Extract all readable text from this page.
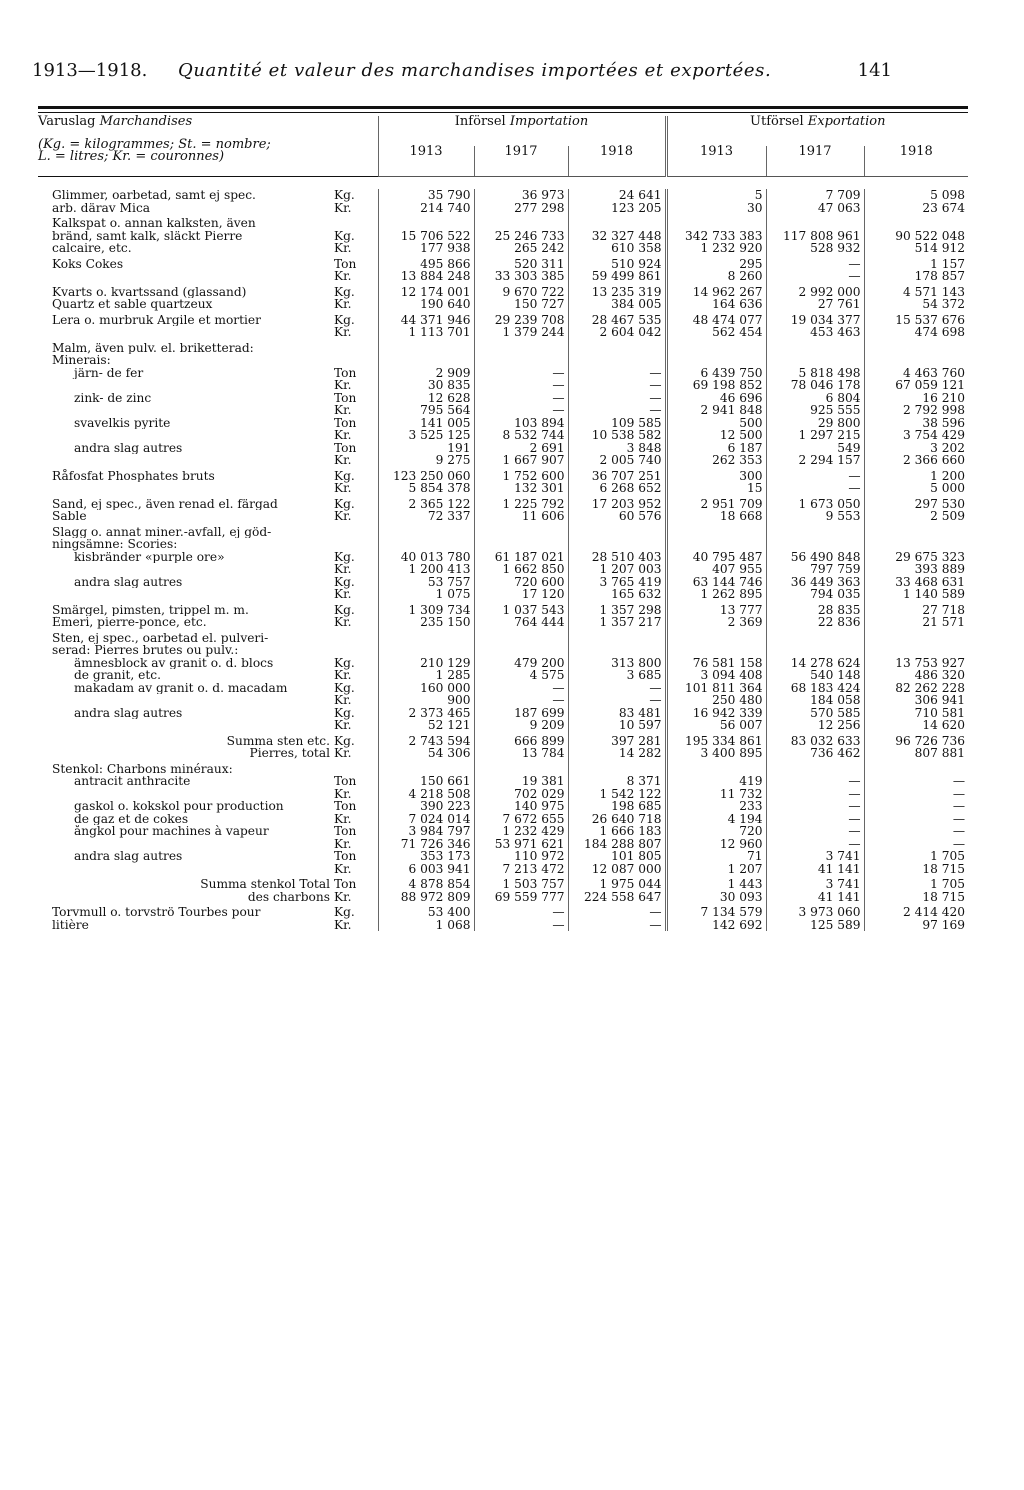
1913—1918. Quantité et valeur des marchandises importées et exportées.	141
Varuslag Marchandises
(Kg. = kilogrammes; St. = nombre;
L. = litres; Kr. = couronnes)		Införsel Importation			Utförsel Exportation		
		1913	1917	1918	1913	1917	1918

Glimmer, oarbetad, samt ej spec.	Kg.	35 790	36 973	24 641	5	7 709	5 098
arb. därav Mica	Kr.	214 740	277 298	123 205	30	47 063	23 674
Kalkspat o. annan kalksten, även							
bränd, samt kalk, släckt Pierre	Kg.	15 706 522	25 246 733	32 327 448	342 733 383	117 808 961	90 522 048
calcaire, etc.	Kr.	177 938	265 242	610 358	1 232 920	528 932	514 912
Koks Cokes	Ton	495 866	520 311	510 924	295	—	1 157
	Kr.	13 884 248	33 303 385	59 499 861	8 260	—	178 857
Kvarts o. kvartssand (glassand)	Kg.	12 174 001	9 670 722	13 235 319	14 962 267	2 992 000	4 571 143
Quartz et sable quartzeux	Kr.	190 640	150 727	384 005	164 636	27 761	54 372
Lera o. murbruk Argile et mortier	Kg.	44 371 946	29 239 708	28 467 535	48 474 077	19 034 377	15 537 676
	Kr.	1 113 701	1 379 244	2 604 042	562 454	453 463	474 698
Malm, även pulv. el. briketterad:							
Minerais:							
järn- de fer	Ton	2 909	—	—	6 439 750	5 818 498	4 463 760
	Kr.	30 835	—	—	69 198 852	78 046 178	67 059 121
zink- de zinc	Ton	12 628	—	—	46 696	6 804	16 210
	Kr.	795 564	—	—	2 941 848	925 555	2 792 998
svavelkis pyrite	Ton	141 005	103 894	109 585	500	29 800	38 596
	Kr.	3 525 125	8 532 744	10 538 582	12 500	1 297 215	3 754 429
andra slag autres	Ton	191	2 691	3 848	6 187	549	3 202
	Kr.	9 275	1 667 907	2 005 740	262 353	2 294 157	2 366 660
Råfosfat Phosphates bruts	Kg.	123 250 060	1 752 600	36 707 251	300	—	1 200
	Kr.	5 854 378	132 301	6 268 652	15	—	5 000
Sand, ej spec., även renad el. färgad	Kg.	2 365 122	1 225 792	17 203 952	2 951 709	1 673 050	297 530
Sable	Kr.	72 337	11 606	60 576	18 668	9 553	2 509
Slagg o. annat miner.-avfall, ej göd-							
ningsämne: Scories:							
kisbränder «purple ore»	Kg.	40 013 780	61 187 021	28 510 403	40 795 487	56 490 848	29 675 323
	Kr.	1 200 413	1 662 850	1 207 003	407 955	797 759	393 889
andra slag autres	Kg.	53 757	720 600	3 765 419	63 144 746	36 449 363	33 468 631
	Kr.	1 075	17 120	165 632	1 262 895	794 035	1 140 589
Smärgel, pimsten, trippel m. m.	Kg.	1 309 734	1 037 543	1 357 298	13 777	28 835	27 718
Émeri, pierre-ponce, etc.	Kr.	235 150	764 444	1 357 217	2 369	22 836	21 571
Sten, ej spec., oarbetad el. pulveri-							
serad: Pierres brutes ou pulv.:							
ämnesblock av granit o. d. blocs	Kg.	210 129	479 200	313 800	76 581 158	14 278 624	13 753 927
de granit, etc.	Kr.	1 285	4 575	3 685	3 094 408	540 148	486 320
makadam av granit o. d. macadam	Kg.	160 000	—	—	101 811 364	68 183 424	82 262 228
	Kr.	900	—	—	250 480	184 058	306 941
andra slag autres	Kg.	2 373 465	187 699	83 481	16 942 339	570 585	710 581
	Kr.	52 121	9 209	10 597	56 007	12 256	14 620
Summa sten etc.	Kg.	2 743 594	666 899	397 281	195 334 861	83 032 633	96 726 736
Pierres, total	Kr.	54 306	13 784	14 282	3 400 895	736 462	807 881
Stenkol: Charbons minéraux:							
antracit anthracite	Ton	150 661	19 381	8 371	419	—	—
	Kr.	4 218 508	702 029	1 542 122	11 732	—	—
gaskol o. kokskol pour production	Ton	390 223	140 975	198 685	233	—	—
de gaz et de cokes	Kr.	7 024 014	7 672 655	26 640 718	4 194	—	—
ångkol pour machines à vapeur	Ton	3 984 797	1 232 429	1 666 183	720	—	—
	Kr.	71 726 346	53 971 621	184 288 807	12 960	—	—
andra slag autres	Ton	353 173	110 972	101 805	71	3 741	1 705
	Kr.	6 003 941	7 213 472	12 087 000	1 207	41 141	18 715
Summa stenkol Total	Ton	4 878 854	1 503 757	1 975 044	1 443	3 741	1 705
des charbons	Kr.	88 972 809	69 559 777	224 558 647	30 093	41 141	18 715
Torvmull o. torvströ Tourbes pour	Kg.	53 400	—	—	7 134 579	3 973 060	2 414 420
litière	Kr.	1 068	—	—	142 692	125 589	97 169
